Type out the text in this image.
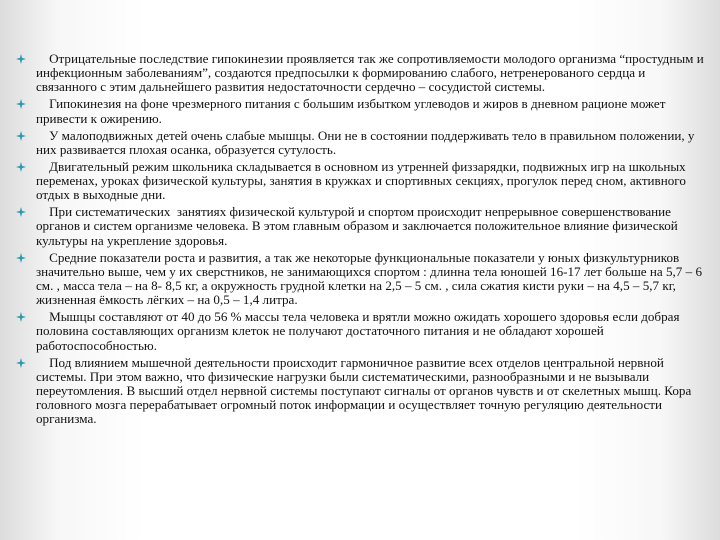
Отрицательные последствие гипокинезии проявляется так же сопротивляемости молодого организма “простудным и инфекционным заболеваниям”, создаются предпосылки к формированию слабого, нетренерованого сердца и связанного с этим дальнейшего развития недостаточности сердечно – сосудистой системы.
Гипокинезия на фоне чрезмерного питания с большим избытком углеводов и жиров в дневном рационе может привести к ожирению.
У малоподвижных детей очень слабые мышцы. Они не в состоянии поддерживать тело в правильном положении, у них развивается плохая осанка, образуется сутулость.
Двигательный режим школьника складывается в основном из утренней физзарядки, подвижных игр на школьных переменах, уроках физической культуры, занятия в кружках и спортивных секциях, прогулок перед сном, активного отдых в выходные дни.
При систематических  занятиях физической культурой и спортом происходит непрерывное совершенствование органов и систем организме человека. В этом главным образом и заключается положительное влияние физической культуры на укрепление здоровья.
Средние показатели роста и развития, а так же некоторые функциональные показатели у юных физкультурников значительно выше, чем у их сверстников, не занимающихся спортом : длинна тела юношей 16-17 лет больше на 5,7 – 6 см. , масса тела – на 8- 8,5 кг, а окружность грудной клетки на 2,5 – 5 см. , сила сжатия кисти руки – на 4,5 – 5,7 кг, жизненная ёмкость лёгких – на 0,5 – 1,4 литра.
Мышцы составляют от 40 до 56 % массы тела человека и врятли можно ожидать хорошего здоровья если добрая половина составляющих организм клеток не получают достаточного питания и не обладают хорошей работоспособностью.
Под влиянием мышечной деятельности происходит гармоничное развитие всех отделов центральной нервной системы. При этом важно, что физические нагрузки были систематическими, разнообразными и не вызывали переутомления. В высший отдел нервной системы поступают сигналы от органов чувств и от скелетных мышц. Кора головного мозга перерабатывает огромный поток информации и осуществляет точную регуляцию деятельности организма.
